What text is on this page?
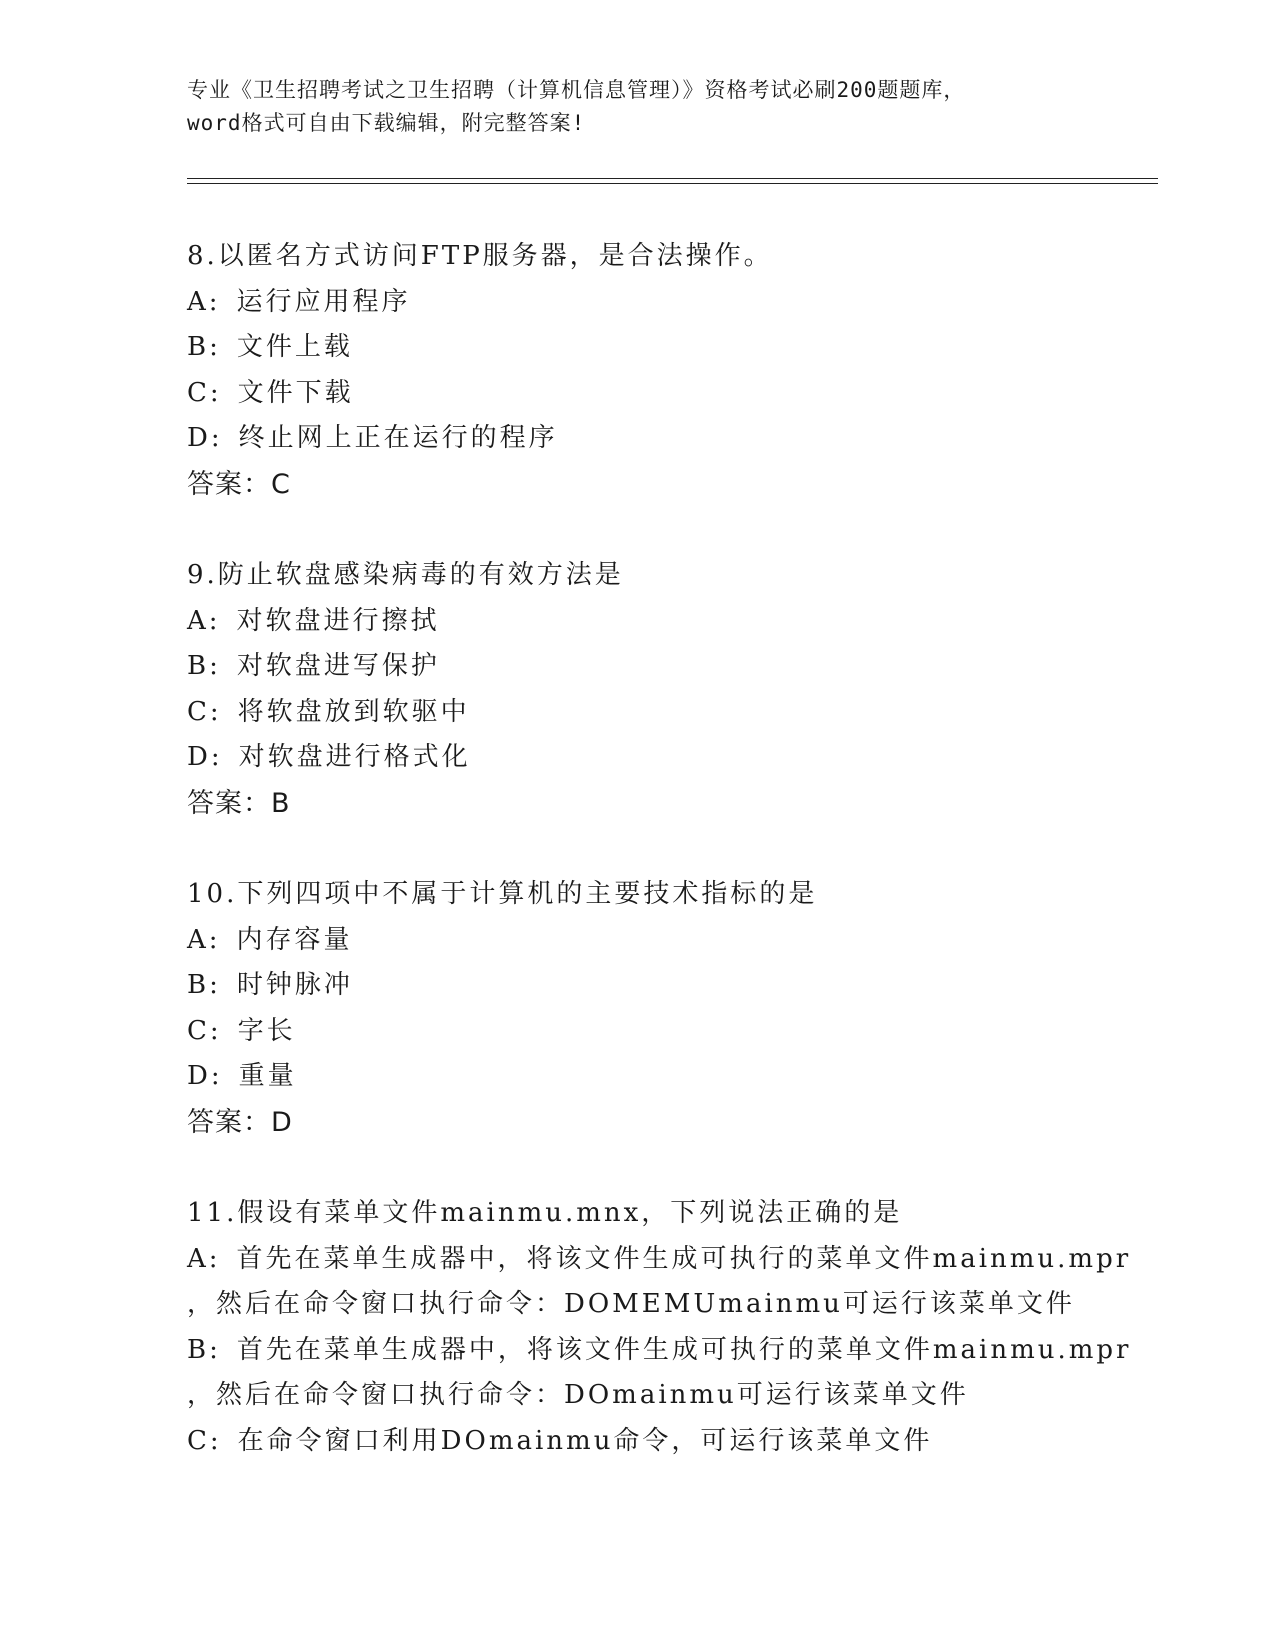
专业《卫生招聘考试之卫生招聘（计算机信息管理）》资格考试必刷200题题库，
word格式可自由下载编辑，附完整答案!
8.以匿名方式访问FTP服务器，是合法操作。
A: 运行应用程序
B: 文件上载
C: 文件下载
D: 终止网上正在运行的程序
答案：C
9.防止软盘感染病毒的有效方法是
A: 对软盘进行擦拭
B: 对软盘进写保护
C: 将软盘放到软驱中
D: 对软盘进行格式化
答案：B
10.下列四项中不属于计算机的主要技术指标的是
A: 内存容量
B: 时钟脉冲
C: 字长
D: 重量
答案：D
11.假设有菜单文件mainmu.mnx，下列说法正确的是
A: 首先在菜单生成器中，将该文件生成可执行的菜单文件mainmu.mpr
，然后在命令窗口执行命令：DOMEMUmainmu可运行该菜单文件
B: 首先在菜单生成器中，将该文件生成可执行的菜单文件mainmu.mpr
，然后在命令窗口执行命令：DOmainmu可运行该菜单文件
C: 在命令窗口利用DOmainmu命令，可运行该菜单文件
